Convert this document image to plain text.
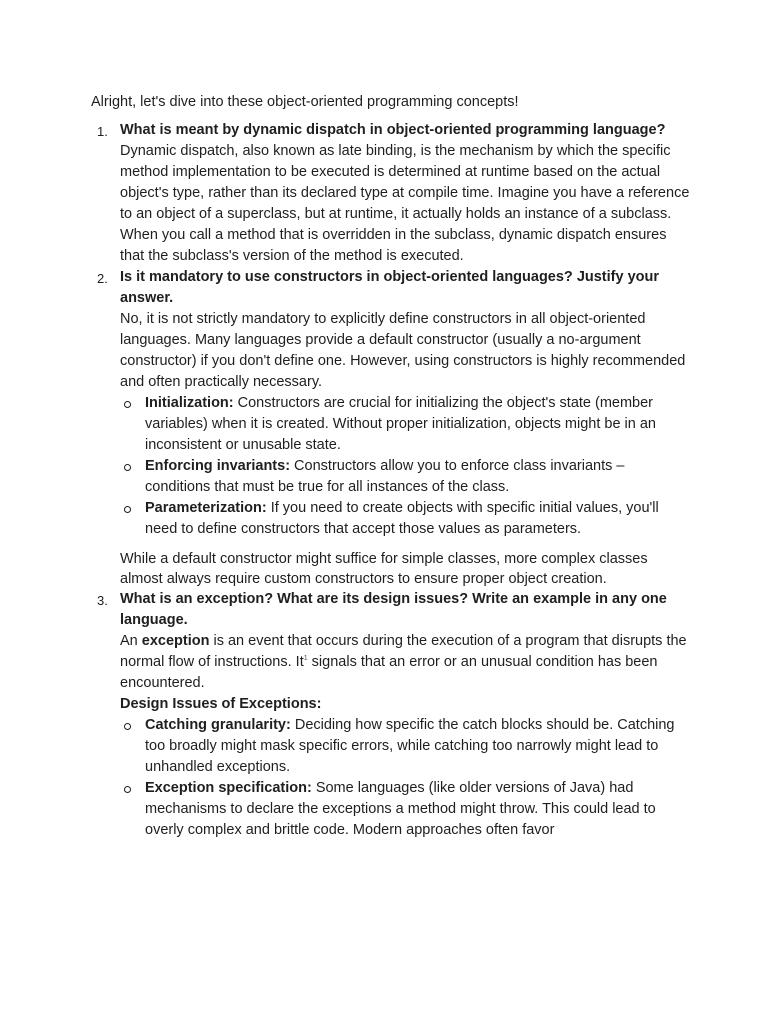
Alright, let's dive into these object-oriented programming concepts!

1. What is meant by dynamic dispatch in object-oriented programming language?
Dynamic dispatch, also known as late binding, is the mechanism by which the specific method implementation to be executed is determined at runtime based on the actual object's type, rather than its declared type at compile time. Imagine you have a reference to an object of a superclass, but at runtime, it actually holds an instance of a subclass. When you call a method that is overridden in the subclass, dynamic dispatch ensures that the subclass's version of the method is executed.
2. Is it mandatory to use constructors in object-oriented languages? Justify your answer.
No, it is not strictly mandatory to explicitly define constructors in all object-oriented languages. Many languages provide a default constructor (usually a no-argument constructor) if you don't define one. However, using constructors is highly recommended and often practically necessary.
Initialization: Constructors are crucial for initializing the object's state (member variables) when it is created. Without proper initialization, objects might be in an inconsistent or unusable state.
Enforcing invariants: Constructors allow you to enforce class invariants – conditions that must be true for all instances of the class.
Parameterization: If you need to create objects with specific initial values, you'll need to define constructors that accept those values as parameters.
While a default constructor might suffice for simple classes, more complex classes almost always require custom constructors to ensure proper object creation.
3. What is an exception? What are its design issues? Write an example in any one language.
An exception is an event that occurs during the execution of a program that disrupts the normal flow of instructions. It$^1$ signals that an error or an unusual condition has been encountered.
Design Issues of Exceptions:
Catching granularity: Deciding how specific the catch blocks should be. Catching too broadly might mask specific errors, while catching too narrowly might lead to unhandled exceptions.
Exception specification: Some languages (like older versions of Java) had mechanisms to declare the exceptions a method might throw. This could lead to overly complex and brittle code. Modern approaches often favor
